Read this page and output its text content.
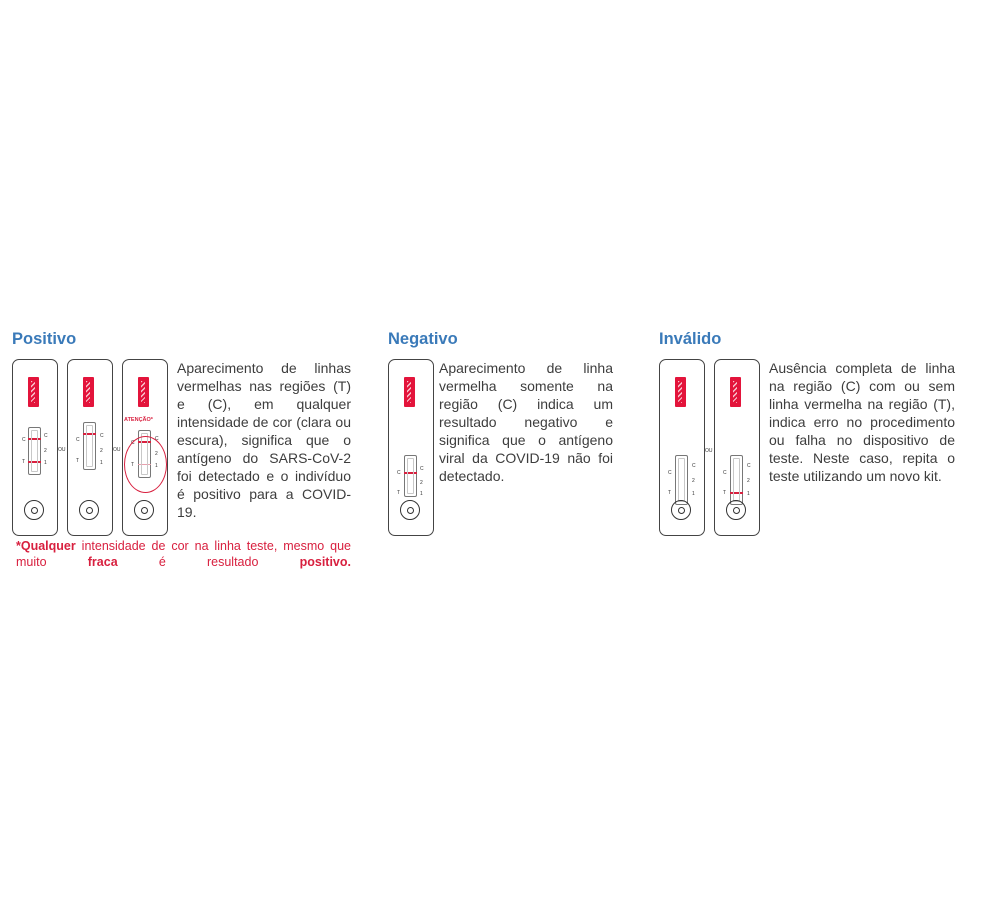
Positivo
C
T
C
2
1
OU
C
T
C
2
1
OU
ATENÇÃO*
C
T
C
2
1
Aparecimento de linhas vermelhas nas regiões (T) e (C), em qualquer intensidade de cor (clara ou escura), significa que o antígeno do SARS-CoV-2 foi detectado e o indivíduo é positivo para a COVID-19.
*Qualquer intensidade de cor na linha teste, mesmo que muito fraca é resultado positivo.
Negativo
C
T
C
2
1
Aparecimento de linha vermelha somente na região (C) indica um resultado negativo e significa que o antígeno viral da COVID-19 não foi detectado.
Inválido
C
T
C
2
1
OU
C
T
C
2
1
Ausência completa de linha na região (C) com ou sem linha vermelha na região (T), indica erro no procedimento ou falha no dispositivo de teste. Neste caso, repita o teste utilizando um novo kit.
